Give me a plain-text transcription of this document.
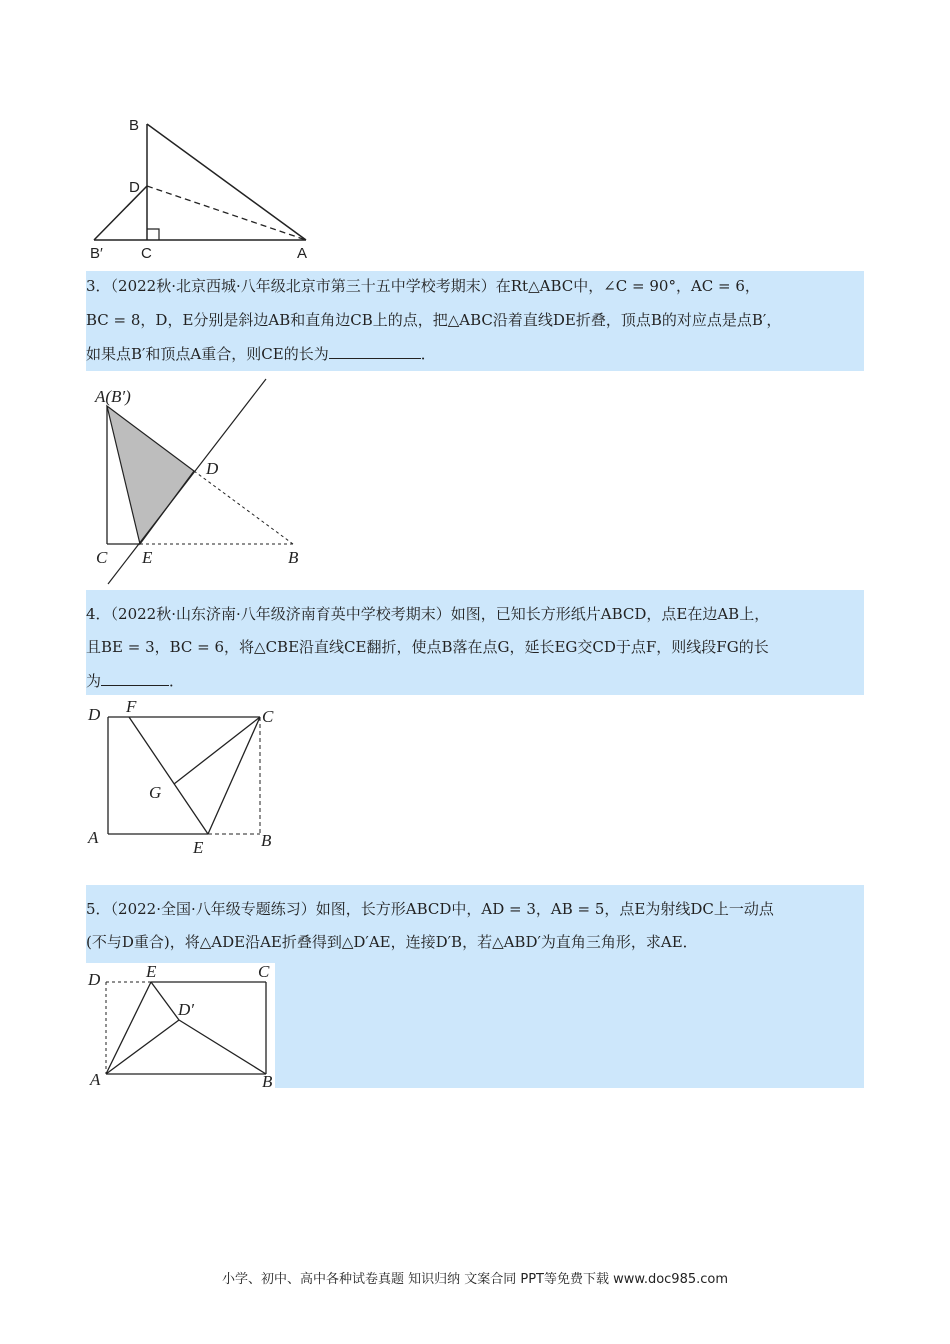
B
D
B′	C	A
3．（2022秋·北京西城·八年级北京市第三十五中学校考期末）在Rt△ABC中，∠C = 90°，AC = 6，
BC = 8，D，E分别是斜边AB和直角边CB上的点，把△ABC沿着直线DE折叠，顶点B的对应点是点B′，
如果点B′和顶点A重合，则CE的长为	．
A(B′)
D
C E	B
4．（2022秋·山东济南·八年级济南育英中学校考期末）如图，已知长方形纸片ABCD，点E在边AB上，
且BE = 3，BC = 6，将△CBE沿直线CE翻折，使点B落在点G，延长EG交CD于点F，则线段FG的长
为	．
D F
C
G
A
E	B
5．（2022·全国·八年级专题练习）如图，长方形ABCD中，AD = 3，AB = 5，点E为射线DC上一动点
(不与D重合)，将△ADE沿AE折叠得到△D′AE，连接D′B，若△ABD′为直角三角形，求AE．
D	E	C
D′
A	B
小学、初中、高中各种试卷真题 知识归纳 文案合同 PPT等免费下载 www.doc985.com
